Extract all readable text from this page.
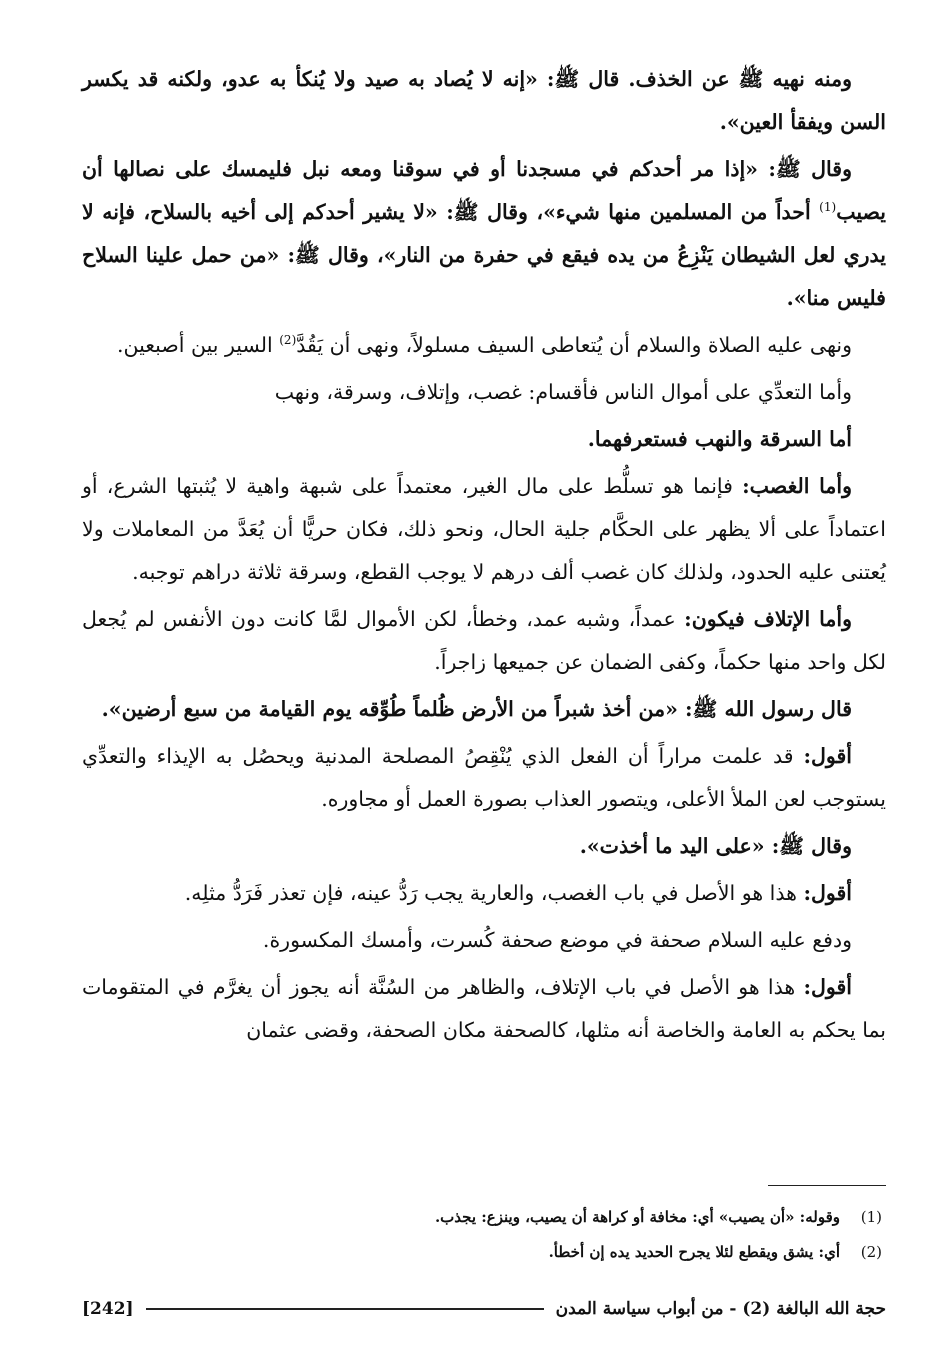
ومنه نهيه ﷺ عن الخذف. قال ﷺ: «إنه لا يُصاد به صيد ولا يُنكأ به عدو، ولكنه قد يكسر السن ويفقأ العين».

وقال ﷺ: «إذا مر أحدكم في مسجدنا أو في سوقنا ومعه نبل فليمسك على نصالها أن يصيب$^{(1)}$ أحداً من المسلمين منها شيء»، وقال ﷺ: «لا يشير أحدكم إلى أخيه بالسلاح، فإنه لا يدري لعل الشيطان يَنْزِعُ من يده فيقع في حفرة من النار»، وقال ﷺ: «من حمل علينا السلاح فليس منا».

ونهى عليه الصلاة والسلام أن يُتعاطى السيف مسلولاً، ونهى أن يَقُدَّ$^{(2)}$ السير بين أصبعين.

وأما التعدِّي على أموال الناس فأقسام: غصب، وإتلاف، وسرقة، ونهب

أما السرقة والنهب فستعرفهما.

وأما الغصب: فإنما هو تسلُّط على مال الغير، معتمداً على شبهة واهية لا يُثبتها الشرع، أو اعتماداً على ألا يظهر على الحكَّام جلية الحال، ونحو ذلك، فكان حريًّا أن يُعَدَّ من المعاملات ولا يُعتنى عليه الحدود، ولذلك كان غصب ألف درهم لا يوجب القطع، وسرقة ثلاثة دراهم توجبه.

وأما الإتلاف فيكون: عمداً، وشبه عمد، وخطأ، لكن الأموال لمَّا كانت دون الأنفس لم يُجعل لكل واحد منها حكماً، وكفى الضمان عن جميعها زاجراً.

قال رسول الله ﷺ: «من أخذ شبراً من الأرض ظُلماً طُوِّقه يوم القيامة من سبع أرضين».

أقول: قد علمت مراراً أن الفعل الذي يُنْقِصُ المصلحة المدنية ويحصُل به الإيذاء والتعدِّي يستوجب لعن الملأ الأعلى، ويتصور العذاب بصورة العمل أو مجاوره.

وقال ﷺ: «على اليد ما أخذت».

أقول: هذا هو الأصل في باب الغصب، والعارية يجب رَدُّ عينه، فإن تعذر فَرَدُّ مثلِه.

ودفع عليه السلام صحفة في موضع صحفة كُسرت، وأمسك المكسورة.

أقول: هذا هو الأصل في باب الإتلاف، والظاهر من السُنَّة أنه يجوز أن يغرَّم في المتقومات بما يحكم به العامة والخاصة أنه مثلها، كالصحفة مكان الصحفة، وقضى عثمان

(1)
وقوله: «أن يصيب» أي: مخافة أو كراهة أن يصيب، وينزع: يجذب.
(2)
أي: يشق ويقطع لئلا يجرح الحديد يده إن أخطأ.
حجة الله البالغة (2) - من أبواب سياسة المدن
[242]
